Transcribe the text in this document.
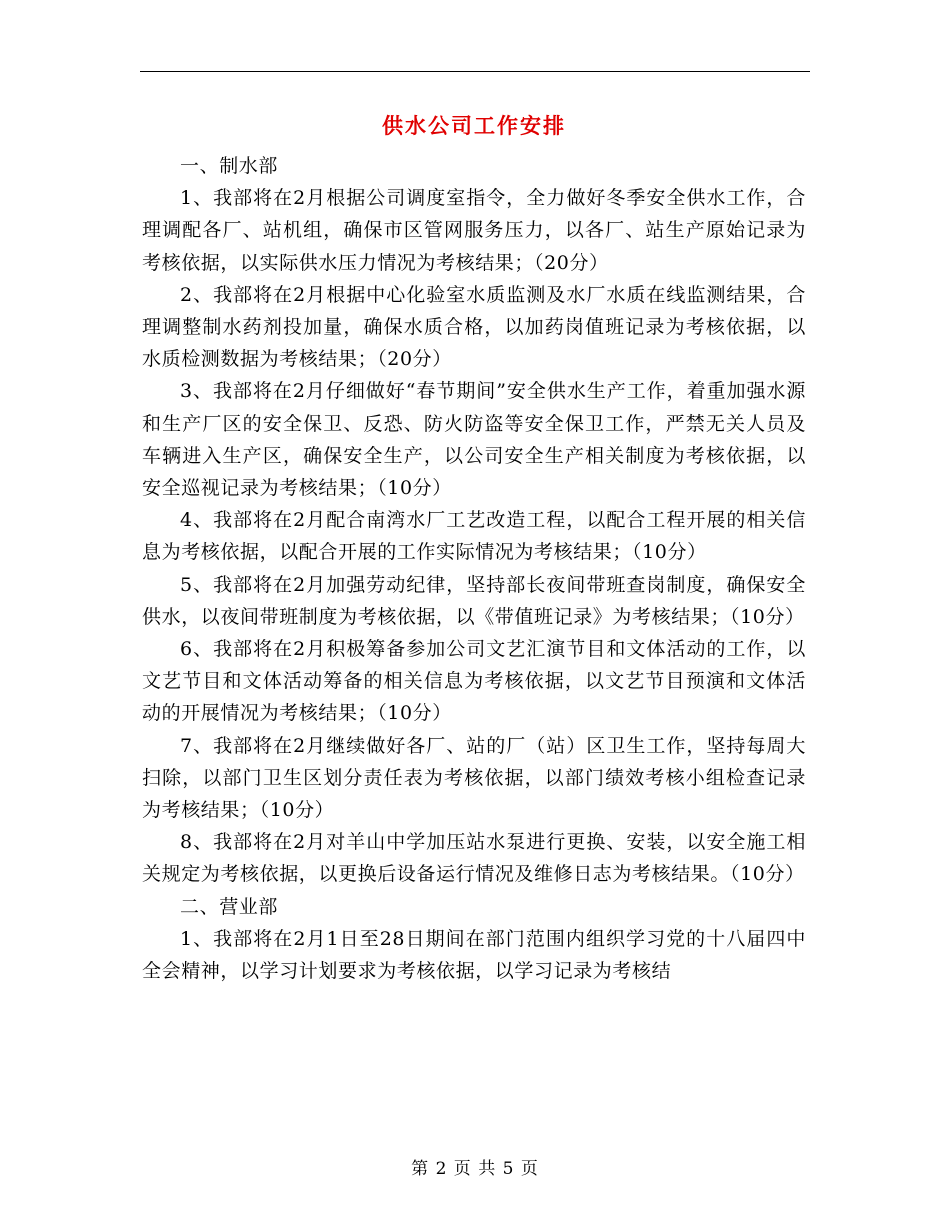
供水公司工作安排

一、制水部

1、我部将在2月根据公司调度室指令，全力做好冬季安全供水工作，合理调配各厂、站机组，确保市区管网服务压力，以各厂、站生产原始记录为考核依据，以实际供水压力情况为考核结果；（20分）

2、我部将在2月根据中心化验室水质监测及水厂水质在线监测结果，合理调整制水药剂投加量，确保水质合格，以加药岗值班记录为考核依据，以水质检测数据为考核结果；（20分）

3、我部将在2月仔细做好“春节期间”安全供水生产工作，着重加强水源和生产厂区的安全保卫、反恐、防火防盗等安全保卫工作，严禁无关人员及车辆进入生产区，确保安全生产，以公司安全生产相关制度为考核依据，以安全巡视记录为考核结果；（10分）

4、我部将在2月配合南湾水厂工艺改造工程，以配合工程开展的相关信息为考核依据，以配合开展的工作实际情况为考核结果；（10分）

5、我部将在2月加强劳动纪律，坚持部长夜间带班查岗制度，确保安全供水，以夜间带班制度为考核依据，以《带值班记录》为考核结果；（10分）

6、我部将在2月积极筹备参加公司文艺汇演节目和文体活动的工作，以文艺节目和文体活动筹备的相关信息为考核依据，以文艺节目预演和文体活动的开展情况为考核结果；（10分）

7、我部将在2月继续做好各厂、站的厂（站）区卫生工作，坚持每周大扫除，以部门卫生区划分责任表为考核依据，以部门绩效考核小组检查记录为考核结果；（10分）

8、我部将在2月对羊山中学加压站水泵进行更换、安装，以安全施工相关规定为考核依据，以更换后设备运行情况及维修日志为考核结果。（10分）

二、营业部

1、我部将在2月1日至28日期间在部门范围内组织学习党的十八届四中全会精神，以学习计划要求为考核依据，以学习记录为考核结

第 2 页 共 5 页
